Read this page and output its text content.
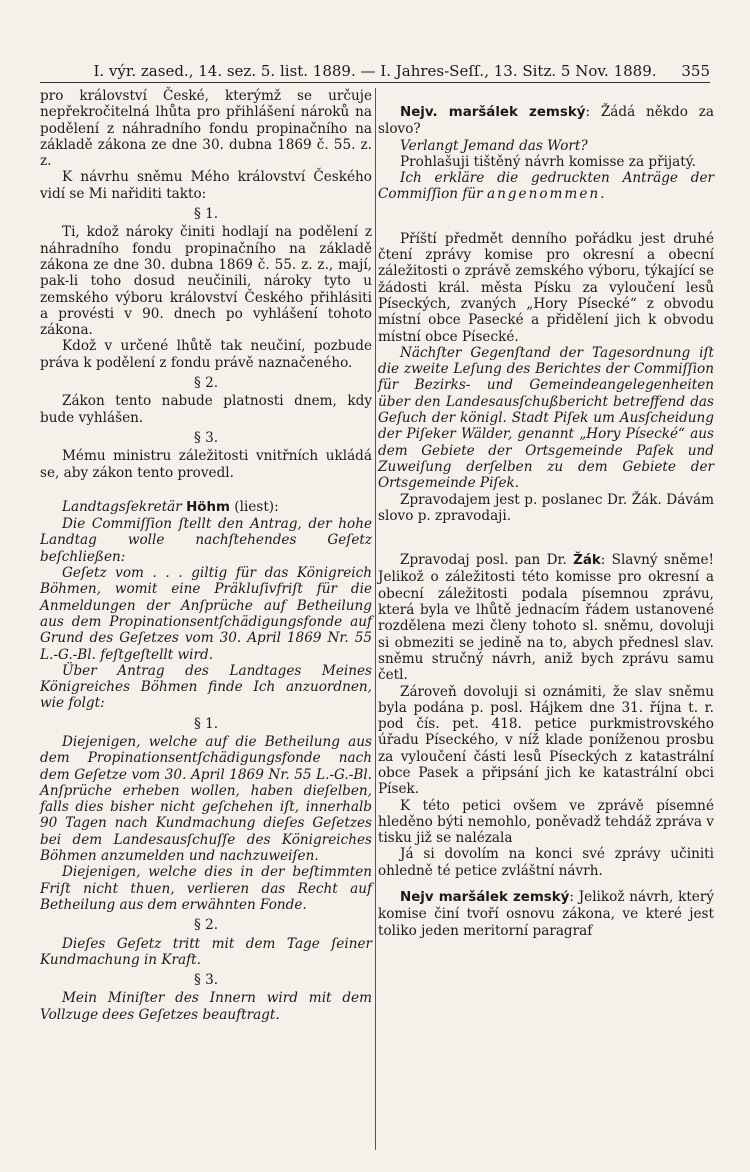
I. výr. zased., 14. sez. 5. list. 1889. — I. Jahres-Seſſ., 13. Sitz. 5 Nov. 1889. 355

pro království České, kterýmž se určuje nepřekročitelná lhůta pro přihlášení nároků na podělení z náhradního fondu propinačního na základě zákona ze dne 30. dubna 1869 č. 55. z. z.

K návrhu sněmu Mého království Českého vidí se Mi nařiditi takto:

§ 1.

Ti, kdož nároky činiti hodlají na podělení z náhradního fondu propinačního na základě zákona ze dne 30. dubna 1869 č. 55. z. z., mají, pak-li toho dosud neučinili, nároky tyto u zemského výboru království Českého přihlásiti a provésti v 90. dnech po vyhlášení tohoto zákona.

Kdož v určené lhůtě tak neučiní, pozbude práva k podělení z fondu právě naznačeného.

§ 2.

Zákon tento nabude platnosti dnem, kdy bude vyhlášen.

§ 3.

Mému ministru záležitosti vnitřních ukládá se, aby zákon tento provedl.

Landtagsſekretär Höhm (liest):

Die Commiſſion ſtellt den Antrag, der hohe Landtag wolle nachſtehendes Geſetz beſchließen:

Geſetz vom . . . giltig für das Königreich Böhmen, womit eine Präkluſivfriſt für die Anmeldungen der Anſprüche auf Betheilung aus dem Propinationsentſchädigungsfonde auf Grund des Geſetzes vom 30. April 1869 Nr. 55 L.-G.-Bl. feſtgeſtellt wird.

Über Antrag des Landtages Meines Königreiches Böhmen finde Ich anzuordnen, wie folgt:

§ 1.

Diejenigen, welche auf die Betheilung aus dem Propinationsentſchädigungsfonde nach dem Geſetze vom 30. April 1869 Nr. 55 L.-G.-Bl. Anſprüche erheben wollen, haben dieſelben, falls dies bisher nicht geſchehen iſt, innerhalb 90 Tagen nach Kundmachung dieſes Geſetzes bei dem Landesausſchuſſe des Königreiches Böhmen anzumelden und nachzuweiſen.

Diejenigen, welche dies in der beſtimmten Friſt nicht thuen, verlieren das Recht auf Betheilung aus dem erwähnten Fonde.

§ 2.

Dieſes Geſetz tritt mit dem Tage ſeiner Kundmachung in Kraft.

§ 3.

Mein Miniſter des Innern wird mit dem Vollzuge dees Geſetzes beauftragt.

Nejv. maršálek zemský: Žádá někdo za slovo?

Verlangt Jemand das Wort?

Prohlašuji tištěný návrh komisse za přijatý.

Ich erkläre die gedruckten Anträge der Commiſſion für angenommen.

Příští předmět denního pořádku jest druhé čtení zprávy komise pro okresní a obecní záležitosti o zprávě zemského výboru, týkající se žádosti král. města Písku za vyloučení lesů Píseckých, zvaných „Hory Písecké“ z obvodu místní obce Pasecké a přidělení jich k obvodu místní obce Písecké.

Nächſter Gegenſtand der Tagesordnung iſt die zweite Leſung des Berichtes der Commiſſion für Bezirks- und Gemeindeangelegenheiten über den Landesausſchußbericht betreffend das Geſuch der königl. Stadt Piſek um Ausſcheidung der Piſeker Wälder, genannt „Hory Písecké“ aus dem Gebiete der Ortsgemeinde Paſek und Zuweiſung derſelben zu dem Gebiete der Ortsgemeinde Piſek.

Zpravodajem jest p. poslanec Dr. Žák. Dávám slovo p. zpravodaji.

Zpravodaj posl. pan Dr. Žák: Slavný sněme! Jelikož o záležitosti této komisse pro okresní a obecní záležitosti podala písemnou zprávu, která byla ve lhůtě jednacím řádem ustanovené rozdělena mezi členy tohoto sl. sněmu, dovoluji si obmeziti se jedině na to, abych přednesl slav. sněmu stručný návrh, aniž bych zprávu samu četl.

Zároveň dovoluji si oznámiti, že slav sněmu byla podána p. posl. Hájkem dne 31. října t. r. pod čís. pet. 418. petice purkmistrovského úřadu Píseckého, v níž klade poníženou prosbu za vyloučení části lesů Píseckých z katastrální obce Pasek a připsání jich ke katastrální obci Písek.

K této petici ovšem ve zprávě písemné hleděno býti nemohlo, poněvadž tehdáž zpráva v tisku již se nalézala

Já si dovolím na konci své zprávy učiniti ohledně té petice zvláštní návrh.

Nejv maršálek zemský: Jelikož návrh, který komise činí tvoří osnovu zákona, ve které jest toliko jeden meritorní paragraf
